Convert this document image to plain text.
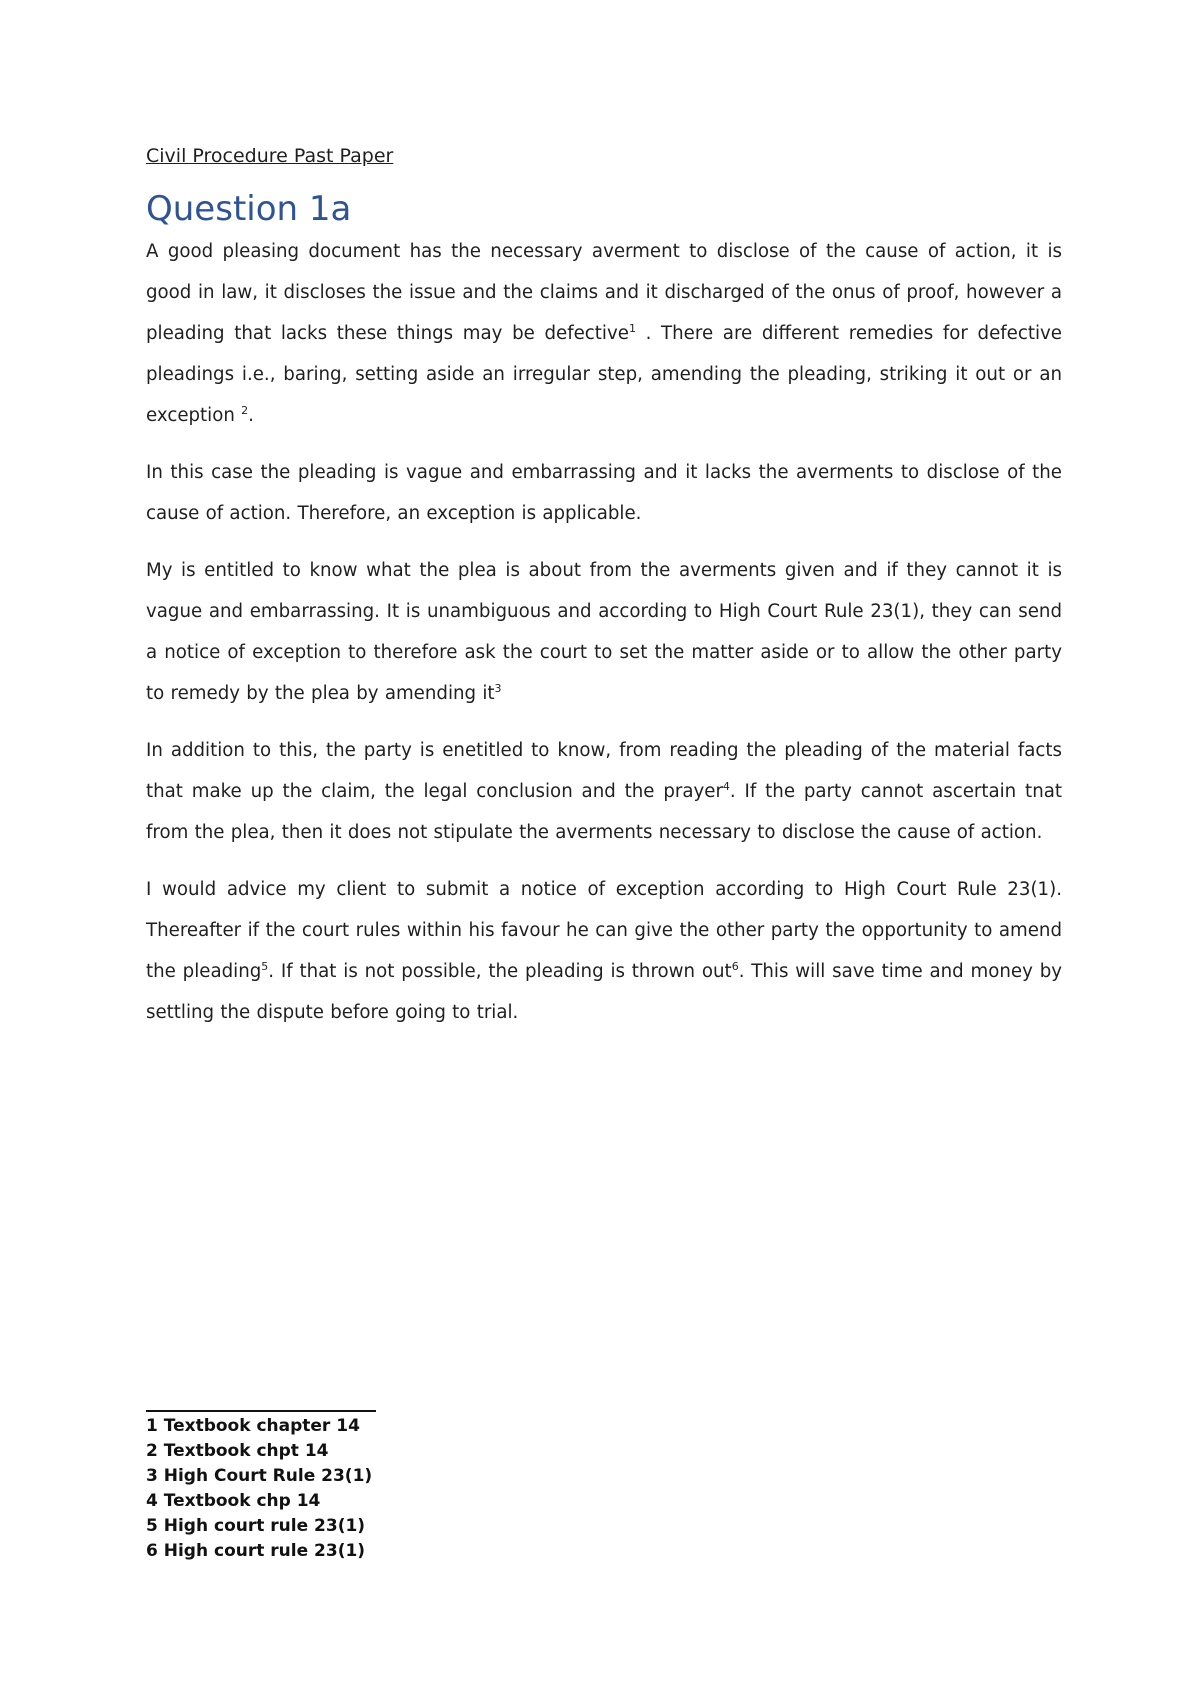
Civil Procedure Past Paper
Question 1a

A good pleasing document has the necessary averment to disclose of the cause of action, it is good in law, it discloses the issue and the claims and it discharged of the onus of proof, however a pleading that lacks these things may be defective$^1$ . There are different remedies for defective pleadings i.e., baring, setting aside an irregular step, amending the pleading, striking it out or an exception $^2$.

In this case the pleading is vague and embarrassing and it lacks the averments to disclose of the cause of action. Therefore, an exception is applicable.

My is entitled to know what the plea is about from the averments given and if they cannot it is vague and embarrassing. It is unambiguous and according to High Court Rule 23(1), they can send a notice of exception to therefore ask the court to set the matter aside or to allow the other party to remedy by the plea by amending $it^3$

In addition to this, the party is enetitled to know, from reading the pleading of the material facts that make up the claim, the legal conclusion and the prayer$^4$. If the party cannot ascertain tnat from the plea, then it does not stipulate the averments necessary to disclose the cause of action.

I would advice my client to submit a notice of exception according to High Court Rule 23(1). Thereafter if the court rules within his favour he can give the other party the opportunity to amend the pleading$^5$. If that is not possible, the pleading is thrown out$^6$. This will save time and money by settling the dispute before going to trial.

1 Textbook chapter 14
2 Textbook chpt 14
3 High Court Rule 23(1)
4 Textbook chp 14
5 High court rule 23(1)
6 High court rule 23(1)
